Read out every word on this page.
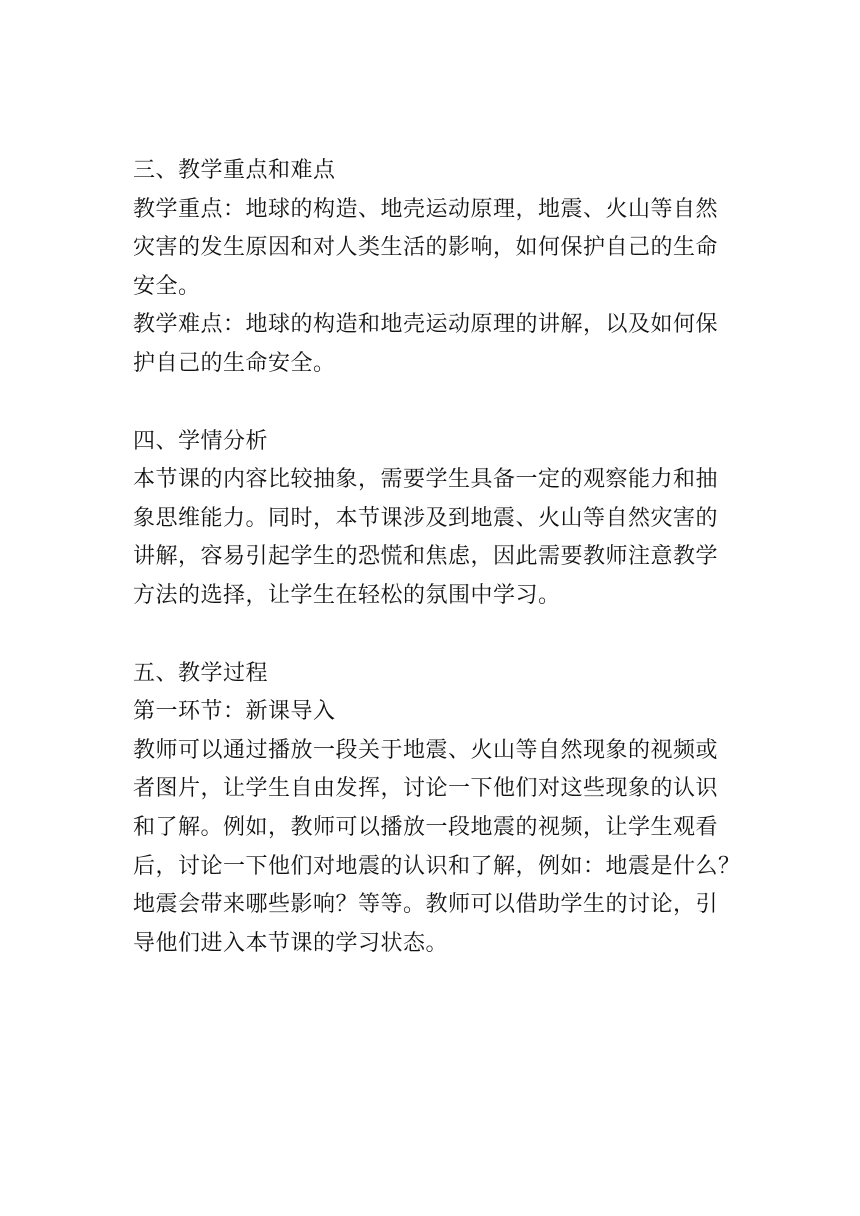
三、教学重点和难点

教学重点：地球的构造、地壳运动原理，地震、火山等自然

灾害的发生原因和对人类生活的影响，如何保护自己的生命

安全。

教学难点：地球的构造和地壳运动原理的讲解，以及如何保

护自己的生命安全。

四、学情分析

本节课的内容比较抽象，需要学生具备一定的观察能力和抽

象思维能力。同时，本节课涉及到地震、火山等自然灾害的

讲解，容易引起学生的恐慌和焦虑，因此需要教师注意教学

方法的选择，让学生在轻松的氛围中学习。

五、教学过程

第一环节：新课导入

教师可以通过播放一段关于地震、火山等自然现象的视频或

者图片，让学生自由发挥，讨论一下他们对这些现象的认识

和了解。例如，教师可以播放一段地震的视频，让学生观看

后，讨论一下他们对地震的认识和了解，例如：地震是什么？

地震会带来哪些影响？等等。教师可以借助学生的讨论，引

导他们进入本节课的学习状态。
